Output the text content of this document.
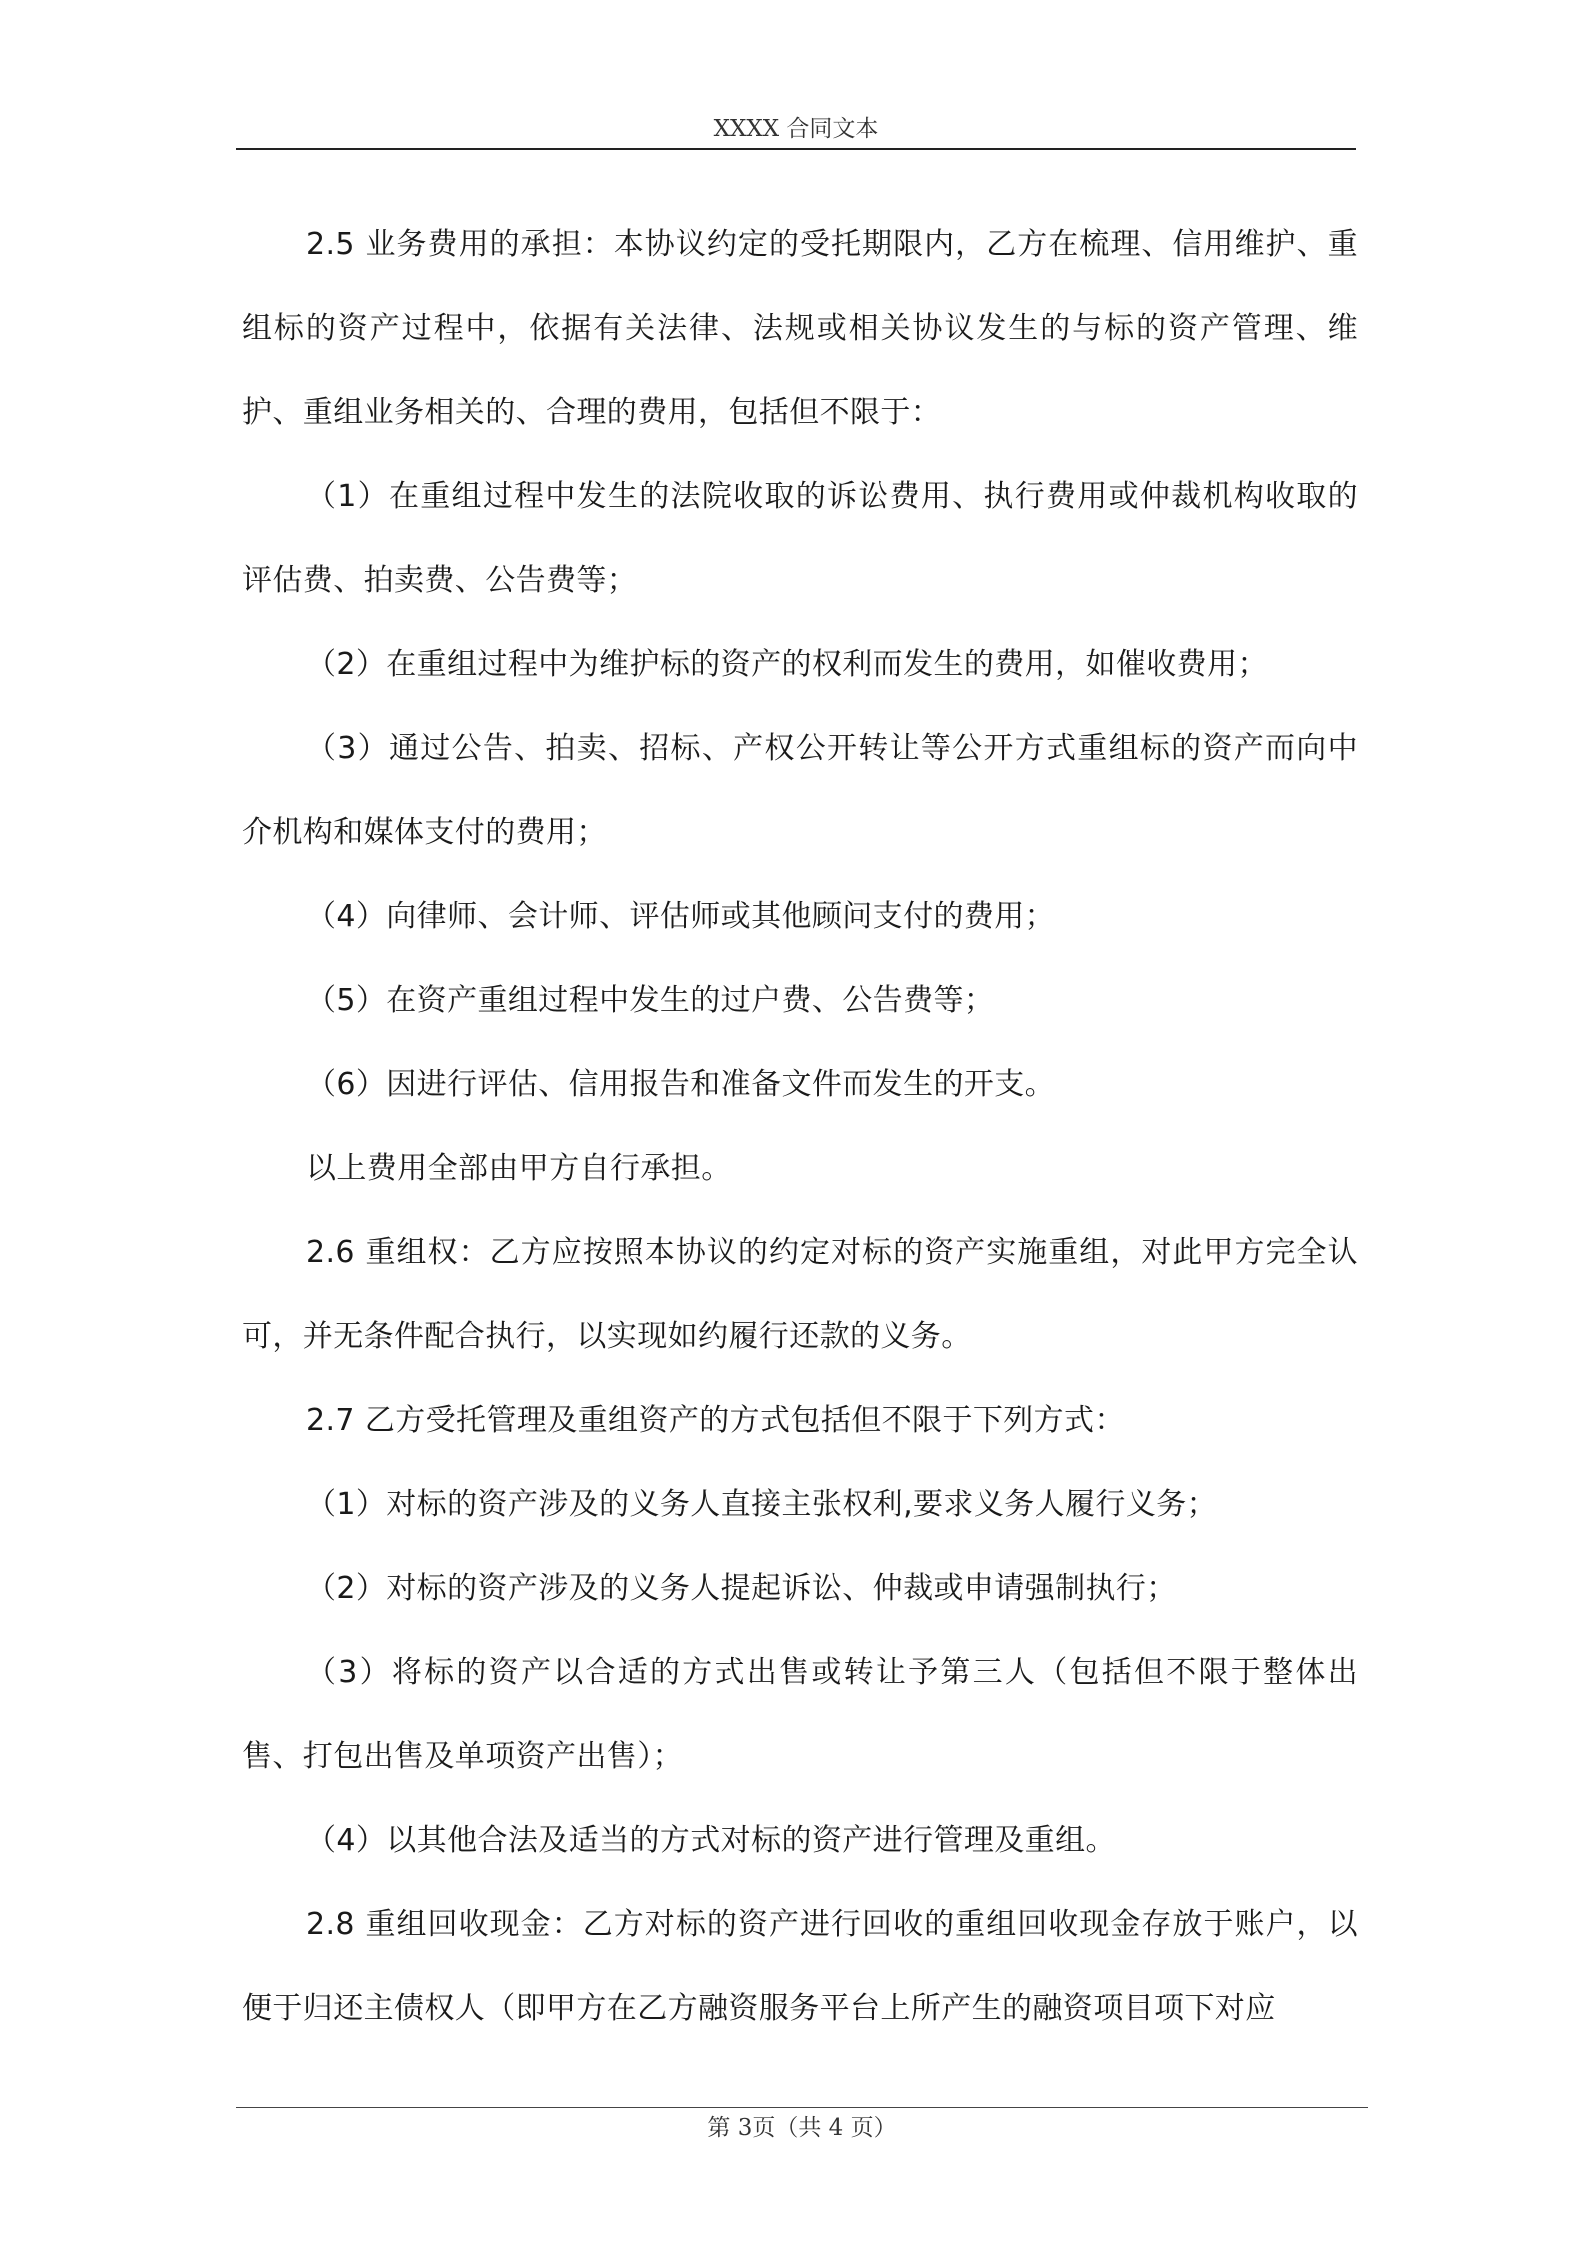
XXXX 合同文本

2.5 业务费用的承担：本协议约定的受托期限内，乙方在梳理、信用维护、重组标的资产过程中，依据有关法律、法规或相关协议发生的与标的资产管理、维护、重组业务相关的、合理的费用，包括但不限于：

（1）在重组过程中发生的法院收取的诉讼费用、执行费用或仲裁机构收取的评估费、拍卖费、公告费等；

（2）在重组过程中为维护标的资产的权利而发生的费用，如催收费用；

（3）通过公告、拍卖、招标、产权公开转让等公开方式重组标的资产而向中介机构和媒体支付的费用；

（4）向律师、会计师、评估师或其他顾问支付的费用；

（5）在资产重组过程中发生的过户费、公告费等；

（6）因进行评估、信用报告和准备文件而发生的开支。

以上费用全部由甲方自行承担。

2.6 重组权：乙方应按照本协议的约定对标的资产实施重组，对此甲方完全认可，并无条件配合执行，以实现如约履行还款的义务。

2.7 乙方受托管理及重组资产的方式包括但不限于下列方式：

（1）对标的资产涉及的义务人直接主张权利,要求义务人履行义务；

（2）对标的资产涉及的义务人提起诉讼、仲裁或申请强制执行；

（3）将标的资产以合适的方式出售或转让予第三人（包括但不限于整体出售、打包出售及单项资产出售）；

（4）以其他合法及适当的方式对标的资产进行管理及重组。

2.8 重组回收现金：乙方对标的资产进行回收的重组回收现金存放于账户，以便于归还主债权人（即甲方在乙方融资服务平台上所产生的融资项目项下对应

第 3页（共 4 页）
